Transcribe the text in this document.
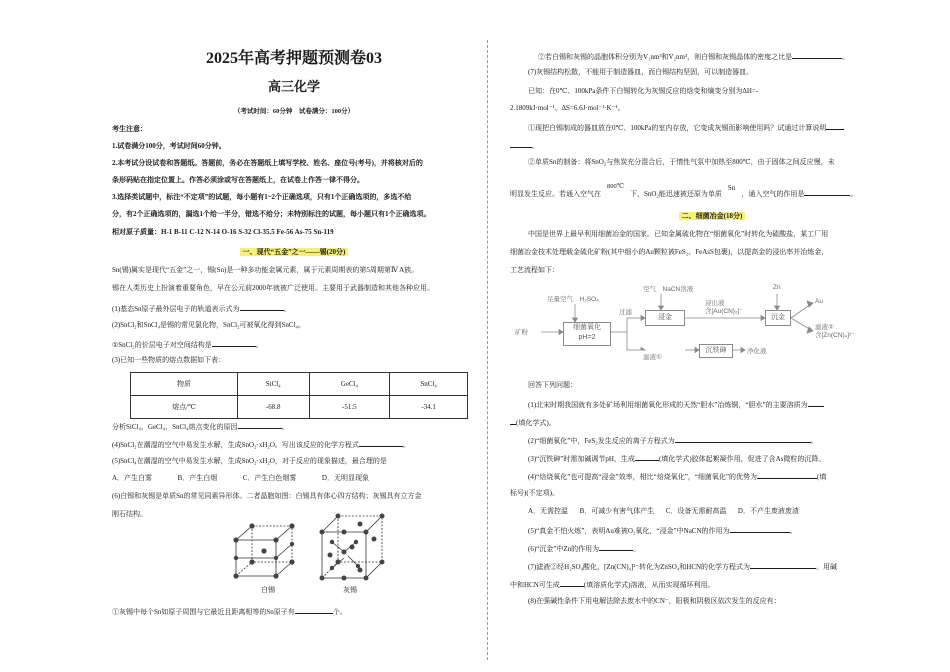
2025年高考押题预测卷03
高三化学
（考试时间：60分钟　试卷满分：100分）
考生注意：
1.试卷满分100分，考试时间60分钟。
2.本考试分设试卷和答题纸。答题前，务必在答题纸上填写学校、姓名、座位号(考号)，并将核对后的
条形码贴在指定位置上。作答必须涂或写在答题纸上，在试卷上作答一律不得分。
3.选择类试题中，标注“不定项”的试题，每小题有1~2个正确选项，只有1个正确选项的，多选不给
分，有2个正确选项的，漏选1个给一半分，错选不给分；未特别标注的试题，每小题只有1个正确选项。
相对原子质量：H-1 B-11 C-12 N-14 O-16 S-32 Cl-35.5 Fe-56 As-75 Sn-119
一、现代“五金”之一——锡(20分)
Sn(锡)属实是现代“五金”之一，锡(Sn)是一种多功能金属元素，属于元素周期表的第5周期第Ⅳ A族。
锡在人类历史上扮演着重要角色，早在公元前2000年就被广泛使用。主要用于武器制造和其他各种应用。
(1)基态Sn原子最外层电子的轨道表示式为	。
(2)SnCl₂和SnCl₄是锡的常见氯化物，SnCl₂可被氧化得到SnCl₄。
①SnCl₂的价层电子对空间结构是	。
(3)已知一些物质的熔点数据如下表：
物质	SiCl₄	GeCl₄	SnCl₄
熔点/℃	-68.8	-51.5	-34.1
分析SiCl₄、GeCl₄、SnCl₄熔点变化的原因	。
(4)SnCl₂在潮湿的空气中易发生水解，生成SnO₂·xH₂O。写出该反应的化学方程式	。
(5)SnCl₄在潮湿的空气中易发生水解，生成SnO₂·xH₂O，对于反应的现象描述，最合理的是
A．产生白雾	B．产生白烟	C．产生白色烟雾	D．无明显现象
(6)白锡和灰锡是单质Sn的常见同素异形体。二者晶胞如图：白锡具有体心四方结构；灰锡具有立方金
刚石结构。
白锡	灰锡
①灰锡中每个Sn如原子周围与它最近且距离相等的Sn原子有	个。
②若白锡和灰锡的晶胞体积分别为V₁nm³和V₂nm³，则白锡和灰锡晶体的密度之比是	。
(7)灰锡结构松散，不能用于制造器皿，而白锡结构坚固，可以制造器皿。
已知：在0℃、100kPa条件下白锡转化为灰锡反应的焓变和熵变分别为ΔH=-
2.1809kJ·mol⁻¹、ΔS=6.6J·mol⁻¹·K⁻¹。
①现把白锡制成的器皿放在0℃、100kPa的室内存放，它变成灰锡而影响使用吗？试通过计算说明
。
②单质Sn的制备：将SnO₂与焦炭充分混合后，于惰性气氛中加热至800℃，由于固体之间反应慢，未
明显发生反应。若通入空气在800℃下，SnO₂能迅速被还原为单质Sn，通入空气的作用是	。
二、细菌冶金(18分)
中国是世界上最早利用细菌冶金的国家。已知金属硫化物在“细菌氧化”时转化为硫酸盐，某工厂用
细菌冶金技术处理载金硫化矿粉(其中细小的Au颗粒被FeS₂、FeAsS包裹)，以提高金的浸出率并冶炼金，
工艺流程如下：
矿粉
足量空气　H₂SO₄
细菌氧化
pH=2
过滤
空气　NaCN溶液
浸金
浸出液
含[Au(CN)₂]⁻
Zn
沉金
Au
滤液②
含[Zn(CN)₄]²⁻
滤液①
沉铁砷	净化液
回答下列问题：
(1)北宋时期我国就有多处矿场利用细菌氧化形成的天然“胆水”冶炼铜，“胆水”的主要溶质为
(填化学式)。
(2)“细菌氧化”中，FeS₂发生反应的离子方程式为	。
(3)“沉铁砷”时需加碱调节pH，生成	(填化学式)胶体起絮凝作用，促进了含As微粒的沉降。
(4)“焙烧氧化”也可提高“浸金”效率，相比“焙烧氧化”，“细菌氧化”的优势为	(填
标号)(不定项)。
A．无需控温 B．可减少有害气体产生 C．设备无需耐高温 D．不产生废液废渣
(5)“真金不怕火炼”，表明Au难被O₂氧化，“浸金”中NaCN的作用为	。
(6)“沉金”中Zn的作用为	。
(7)滤液②经H₂SO₄酸化，[Zn(CN)₄]²⁻转化为ZnSO₄和HCN的化学方程式为	。用碱
中和HCN可生成	(填溶质化学式)溶液，从而实现循环利用。
(8)在强碱性条件下用电解法除去废水中的CN⁻，阳极和阴极区依次发生的反应有：
